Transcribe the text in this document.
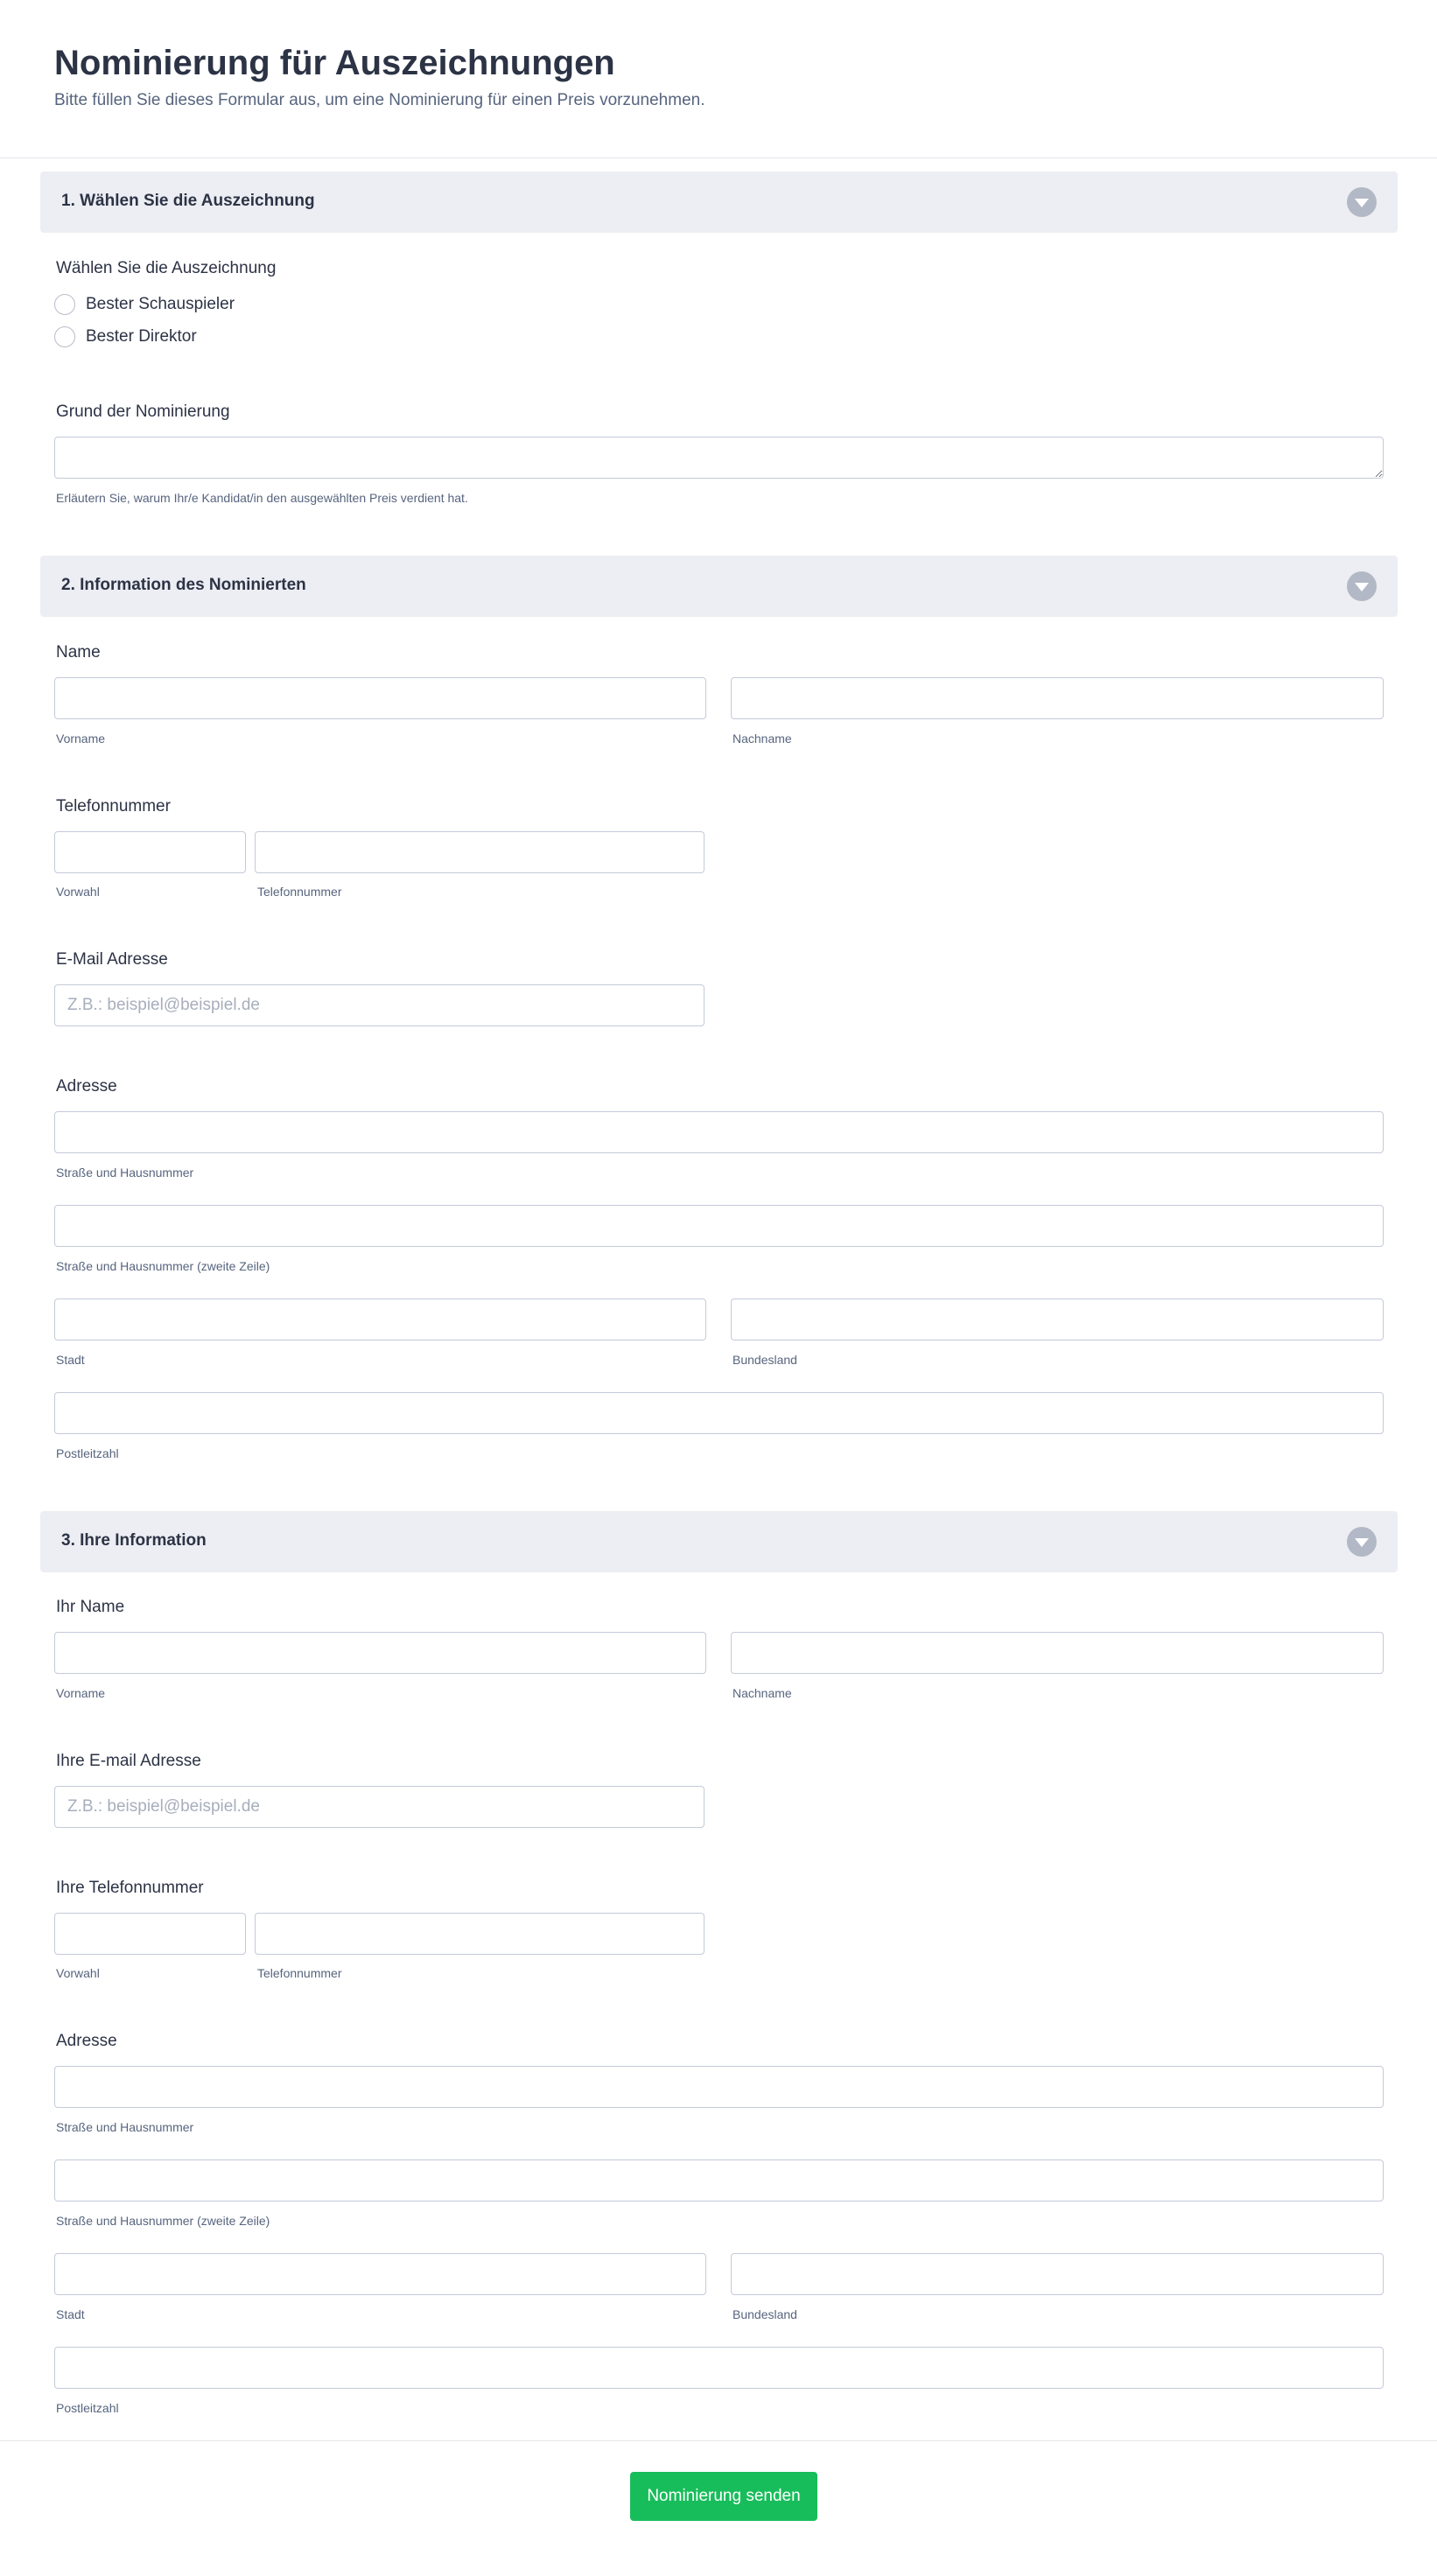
Nominierung für Auszeichnungen
Bitte füllen Sie dieses Formular aus, um eine Nominierung für einen Preis vorzunehmen.
1. Wählen Sie die Auszeichnung
Wählen Sie die Auszeichnung
Bester Schauspieler
Bester Direktor
Grund der Nominierung
Erläutern Sie, warum Ihr/e Kandidat/in den ausgewählten Preis verdient hat.
2. Information des Nominierten
Name
Vorname	Nachname
Telefonnummer
Vorwahl	Telefonnummer
E-Mail Adresse
Z.B.: beispiel@beispiel.de
Adresse
Straße und Hausnummer
Straße und Hausnummer (zweite Zeile)
Stadt	Bundesland
Postleitzahl
3. Ihre Information
Ihr Name
Vorname	Nachname
Ihre E-mail Adresse
Z.B.: beispiel@beispiel.de
Ihre Telefonnummer
Vorwahl	Telefonnummer
Adresse
Straße und Hausnummer
Straße und Hausnummer (zweite Zeile)
Stadt	Bundesland
Postleitzahl
Nominierung senden
